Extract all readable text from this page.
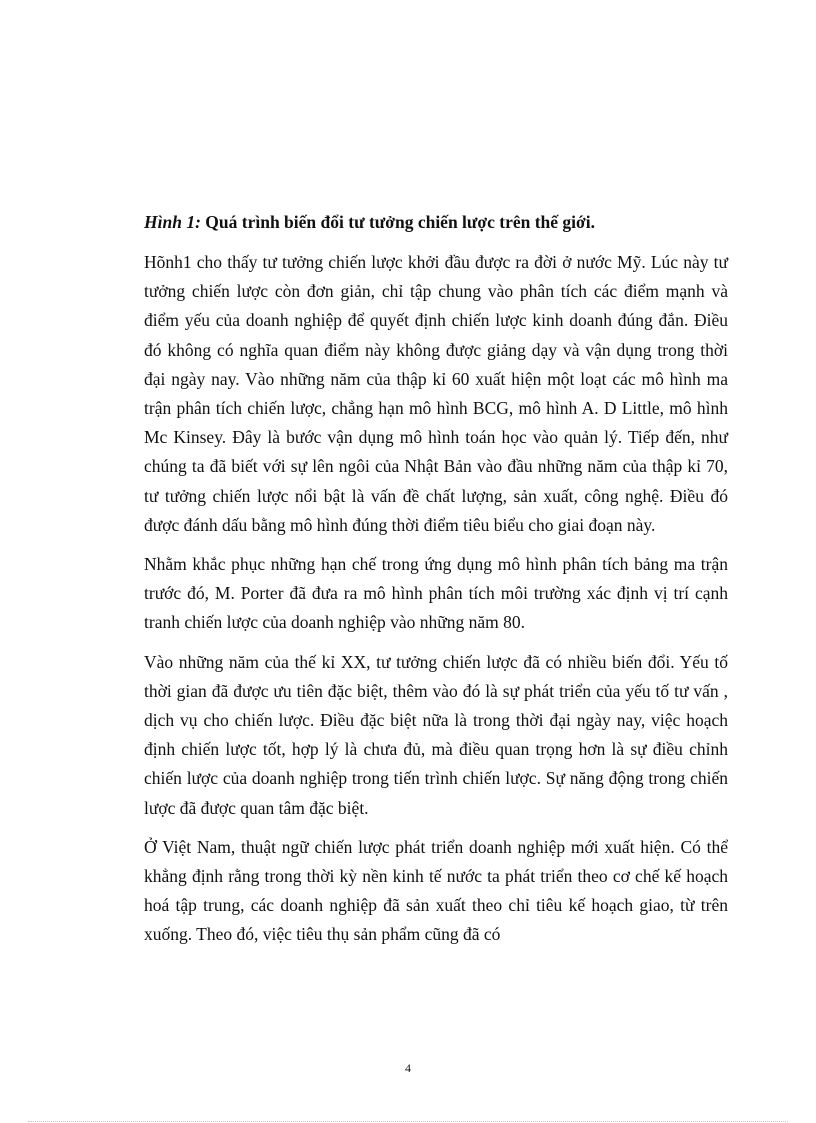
Hình 1: Quá trình biến đổi tư tưởng chiến lược trên thế giới.

Hõnh1 cho thấy tư tưởng chiến lược khởi đầu được ra đời ở nước Mỹ. Lúc này tư tưởng chiến lược còn đơn giản, chỉ tập chung vào phân tích các điểm mạnh và điểm yếu của doanh nghiệp để quyết định chiến lược kinh doanh đúng đắn. Điều đó không có nghĩa quan điểm này không được giảng dạy và vận dụng trong thời đại ngày nay. Vào những năm của thập kỉ 60 xuất hiện một loạt các mô hình ma trận phân tích chiến lược, chẳng hạn mô hình BCG, mô hình A. D Little, mô hình Mc Kinsey. Đây là bước vận dụng mô hình toán học vào quản lý. Tiếp đến, như chúng ta đã biết với sự lên ngôi của Nhật Bản vào đầu những năm của thập kỉ 70, tư tưởng chiến lược nổi bật là vấn đề chất lượng, sản xuất, công nghệ. Điều đó được đánh dấu bằng mô hình đúng thời điểm tiêu biểu cho giai đoạn này.

Nhằm khắc phục những hạn chế trong ứng dụng mô hình phân tích bảng ma trận trước đó, M. Porter đã đưa ra mô hình phân tích môi trường xác định vị trí cạnh tranh chiến lược của doanh nghiệp vào những năm 80.

Vào những năm của thế kỉ XX, tư tưởng chiến lược đã có nhiều biến đổi. Yếu tố thời gian đã được ưu tiên đặc biệt, thêm vào đó là sự phát triển của yếu tố tư vấn , dịch vụ cho chiến lược. Điều đặc biệt nữa là trong thời đại ngày nay, việc hoạch định chiến lược tốt, hợp lý là chưa đủ, mà điều quan trọng hơn là sự điều chỉnh chiến lược của doanh nghiệp trong tiến trình chiến lược. Sự năng động trong chiến lược đã được quan tâm đặc biệt.

Ở Việt Nam, thuật ngữ chiến lược phát triển doanh nghiệp mới xuất hiện. Có thể khẳng định rằng trong thời kỳ nền kinh tế nước ta phát triển theo cơ chế kế hoạch hoá tập trung, các doanh nghiệp đã sản xuất theo chỉ tiêu kế hoạch giao, từ trên xuống. Theo đó, việc tiêu thụ sản phẩm cũng đã có

4
